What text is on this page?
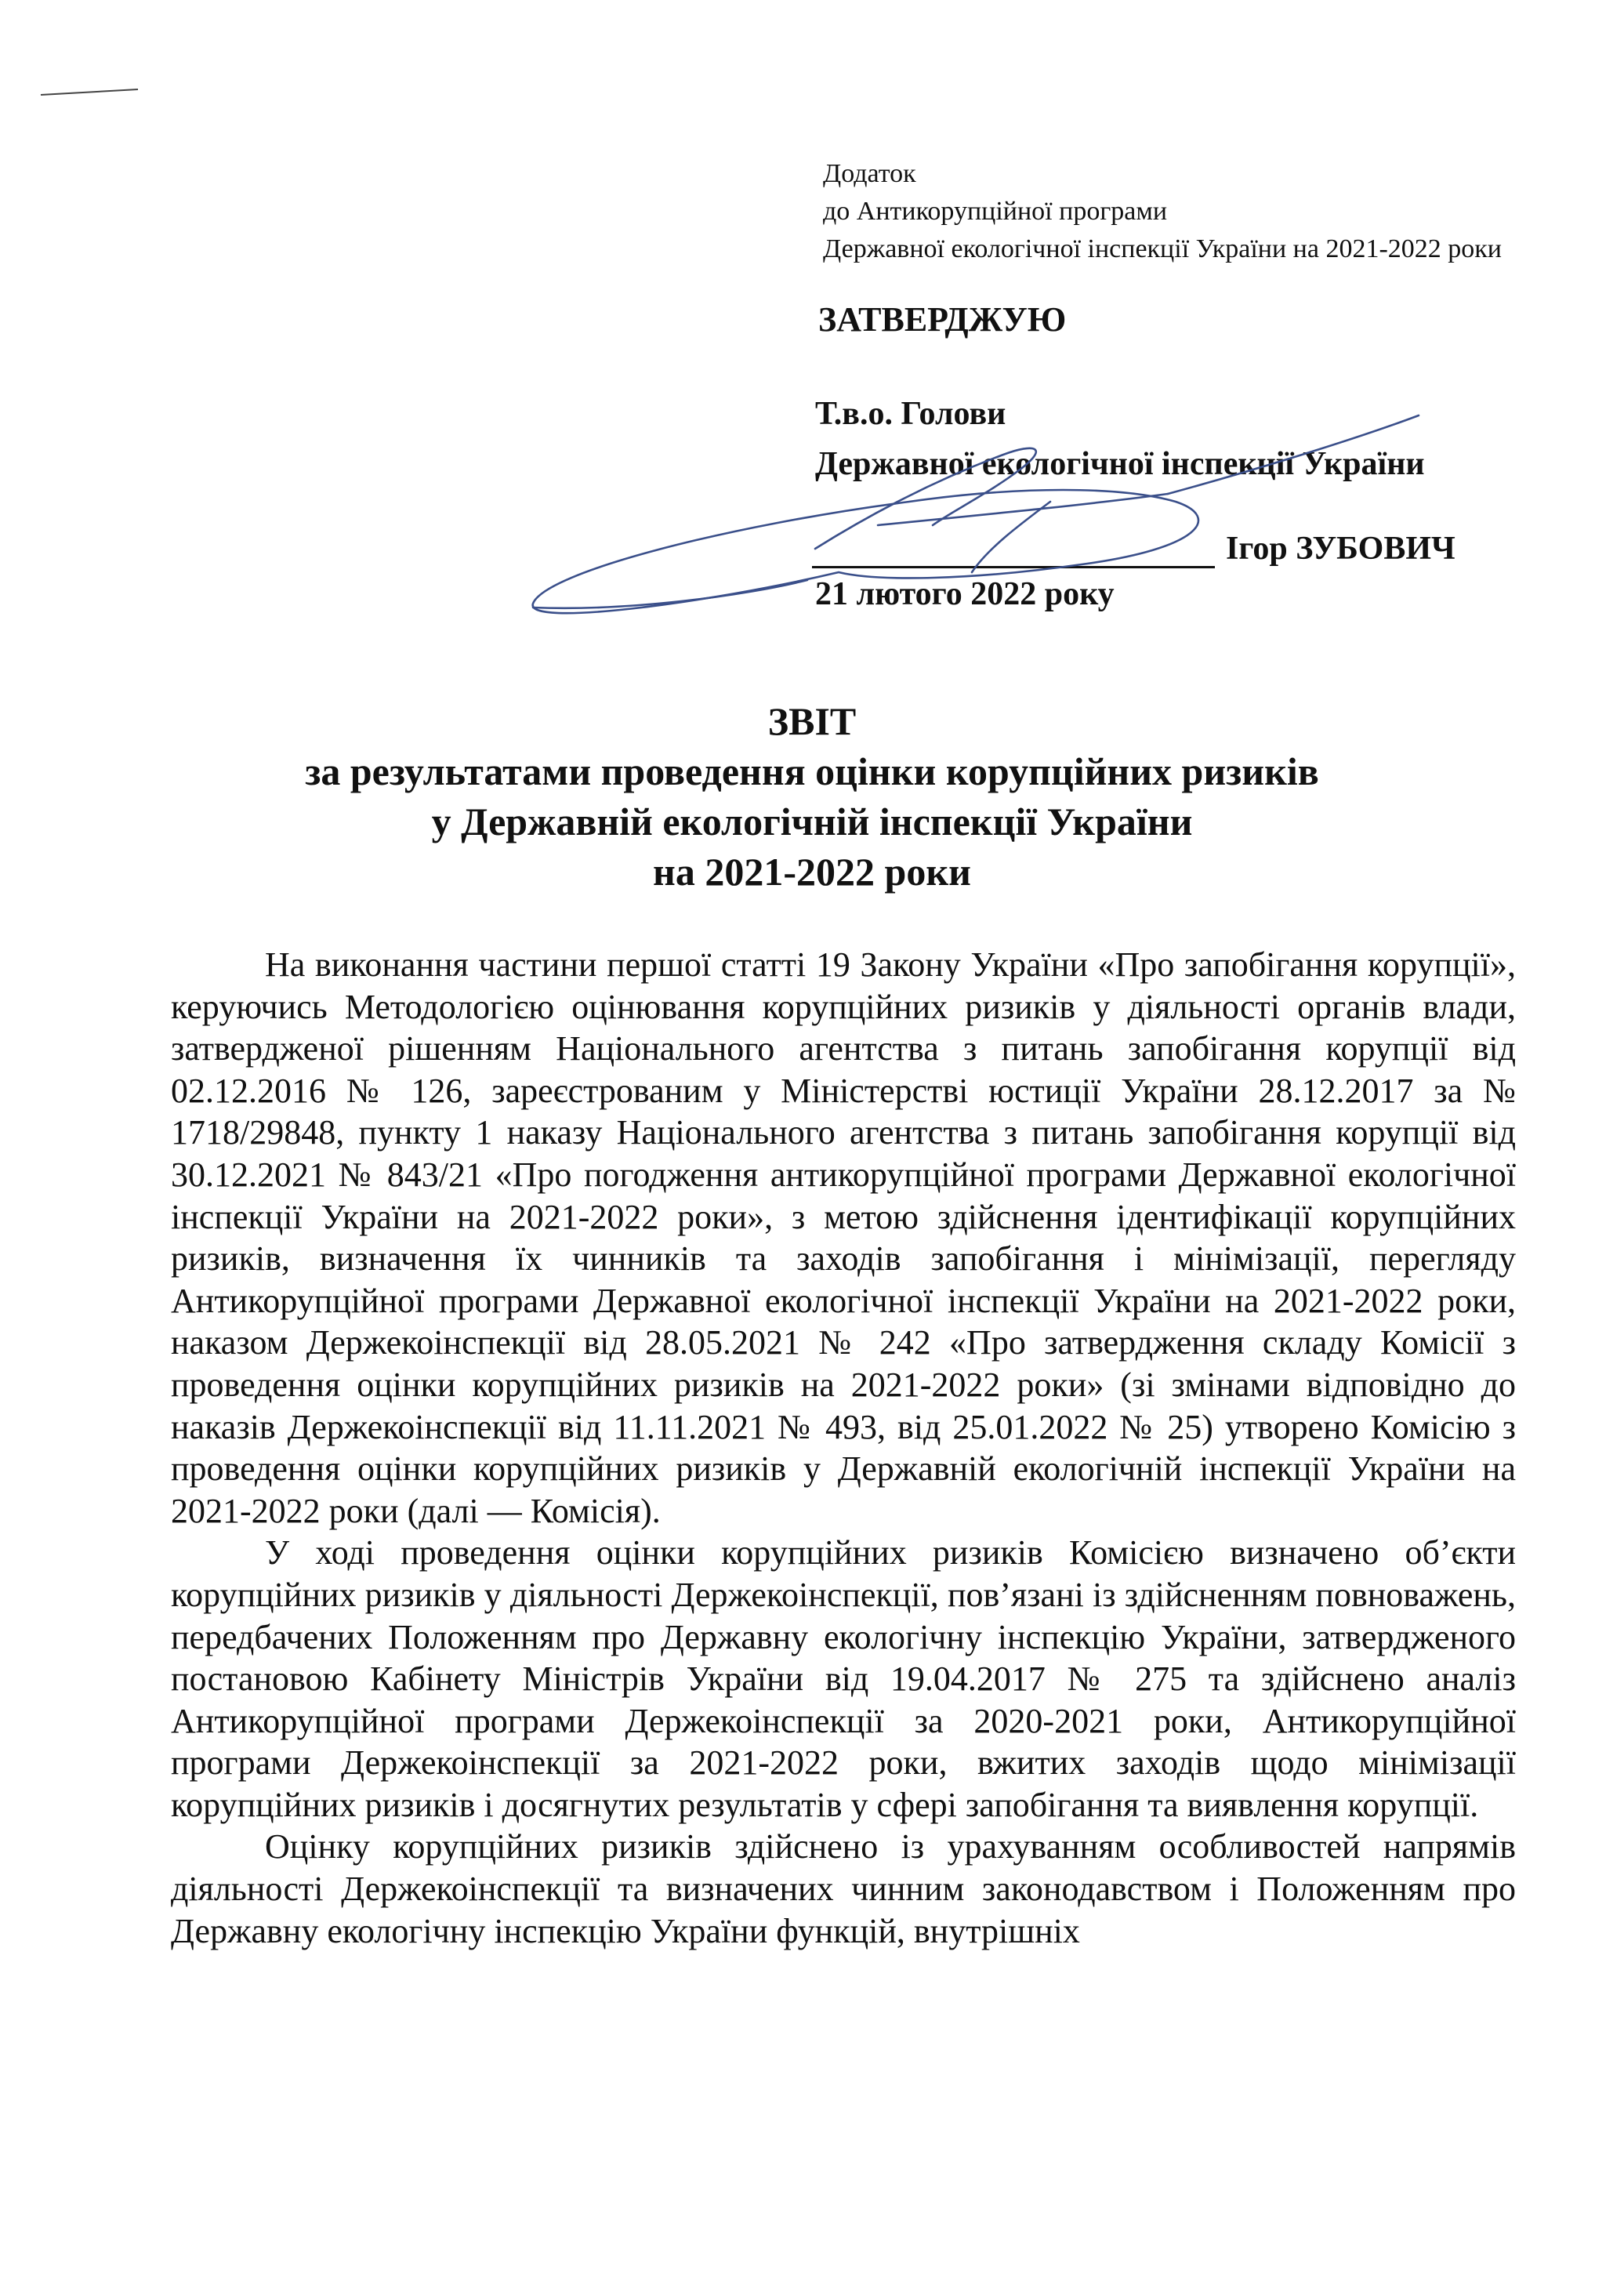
Додаток
до Антикорупційної програми
Державної екологічної інспекції України на 2021-2022 роки
ЗАТВЕРДЖУЮ
Т.в.о. Голови
Державної екологічної інспекції України
Ігор ЗУБОВИЧ
21 лютого 2022 року
ЗВІТ
за результатами проведення оцінки корупційних ризиків
у Державній екологічній інспекції України
на 2021-2022 роки

На виконання частини першої статті 19 Закону України «Про запобігання корупції», керуючись Методологією оцінювання корупційних ризиків у діяльності органів влади, затвердженої рішенням Національного агентства з питань запобігання корупції від 02.12.2016 № 126, зареєстрованим у Міністерстві юстиції України 28.12.2017 за № 1718/29848, пункту 1 наказу Національного агентства з питань запобігання корупції від 30.12.2021 № 843/21 «Про погодження антикорупційної програми Державної екологічної інспекції України на 2021-2022 роки», з метою здійснення ідентифікації корупційних ризиків, визначення їх чинників та заходів запобігання і мінімізації, перегляду Антикорупційної програми Державної екологічної інспекції України на 2021-2022 роки, наказом Держекоінспекції від 28.05.2021 № 242 «Про затвердження складу Комісії з проведення оцінки корупційних ризиків на 2021-2022 роки» (зі змінами відповідно до наказів Держекоінспекції від 11.11.2021 № 493, від 25.01.2022 № 25) утворено Комісію з проведення оцінки корупційних ризиків у Державній екологічній інспекції України на 2021-2022 роки (далі — Комісія).

У ході проведення оцінки корупційних ризиків Комісією визначено об’єкти корупційних ризиків у діяльності Держекоінспекції, пов’язані із здійсненням повноважень, передбачених Положенням про Державну екологічну інспекцію України, затвердженого постановою Кабінету Міністрів України від 19.04.2017 № 275 та здійснено аналіз Антикорупційної програми Держекоінспекції за 2020-2021 роки, Антикорупційної програми Держекоінспекції за 2021-2022 роки, вжитих заходів щодо мінімізації корупційних ризиків і досягнутих результатів у сфері запобігання та виявлення корупції.

Оцінку корупційних ризиків здійснено із урахуванням особливостей напрямів діяльності Держекоінспекції та визначених чинним законодавством і Положенням про Державну екологічну інспекцію України функцій, внутрішніх
